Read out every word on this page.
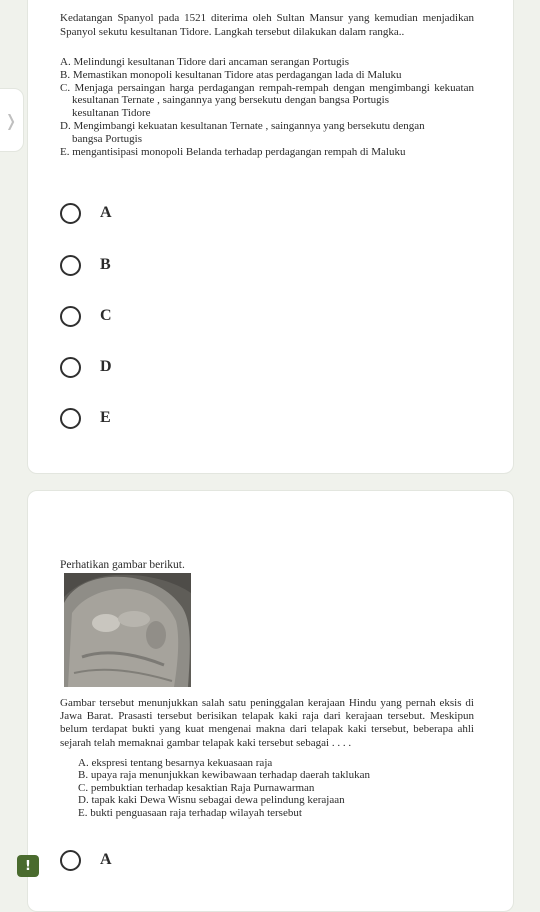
❭
Kedatangan Spanyol pada 1521 diterima oleh Sultan Mansur yang kemudian menjadikan Spanyol sekutu kesultanan Tidore. Langkah tersebut dilakukan dalam rangka..
A. Melindungi kesultanan Tidore dari ancaman serangan Portugis
B. Memastikan monopoli kesultanan Tidore atas perdagangan lada di Maluku
C. Menjaga persaingan harga perdagangan rempah-rempah dengan mengimbangi kekuatan kesultanan Ternate , saingannya yang bersekutu dengan bangsa Portugis
kesultanan Tidore
D. Mengimbangi kekuatan kesultanan Ternate , saingannya yang bersekutu dengan
bangsa Portugis
E. mengantisipasi monopoli Belanda terhadap perdagangan rempah di Maluku
A
B
C
D
E
Perhatikan gambar berikut.
Gambar tersebut menunjukkan salah satu peninggalan kerajaan Hindu yang pernah eksis di Jawa Barat. Prasasti tersebut berisikan telapak kaki raja dari kerajaan tersebut. Meskipun belum terdapat bukti yang kuat mengenai makna dari telapak kaki tersebut, beberapa ahli sejarah telah memaknai gambar telapak kaki tersebut sebagai . . . .
A. ekspresi tentang besarnya kekuasaan raja
B. upaya raja menunjukkan kewibawaan terhadap daerah taklukan
C. pembuktian terhadap kesaktian Raja Purnawarman
D. tapak kaki Dewa Wisnu sebagai dewa pelindung kerajaan
E. bukti penguasaan raja terhadap wilayah tersebut
A
!
